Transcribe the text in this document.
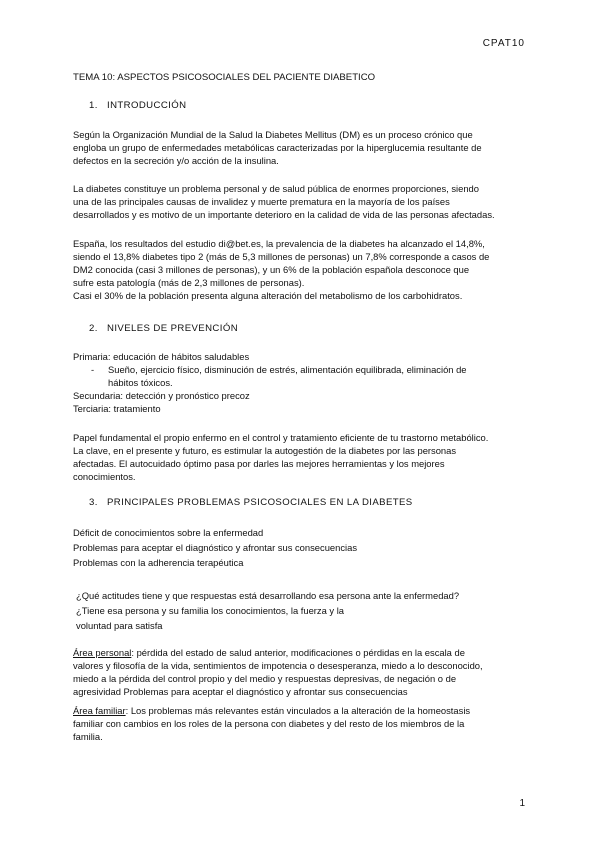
CPAT10
TEMA 10: ASPECTOS PSICOSOCIALES DEL PACIENTE DIABETICO
1. INTRODUCCIÓN
Según la Organización Mundial de la Salud la Diabetes Mellitus (DM) es un proceso crónico que
engloba un grupo de enfermedades metabólicas caracterizadas por la hiperglucemia resultante de
defectos en la secreción y/o acción de la insulina.
La diabetes constituye un problema personal y de salud pública de enormes proporciones, siendo
una de las principales causas de invalidez y muerte prematura en la mayoría de los países
desarrollados y es motivo de un importante deterioro en la calidad de vida de las personas afectadas.
España, los resultados del estudio di@bet.es, la prevalencia de la diabetes ha alcanzado el 14,8%,
siendo el 13,8% diabetes tipo 2 (más de 5,3 millones de personas) un 7,8% corresponde a casos de
DM2 conocida (casi 3 millones de personas), y un 6% de la población española desconoce que
sufre esta patología (más de 2,3 millones de personas).
Casi el 30% de la población presenta alguna alteración del metabolismo de los carbohidratos.
2. NIVELES DE PREVENCIÓN
Primaria: educación de hábitos saludables
- Sueño, ejercicio físico, disminución de estrés, alimentación equilibrada, eliminación de
hábitos tóxicos.
Secundaria: detección y pronóstico precoz
Terciaria: tratamiento
Papel fundamental el propio enfermo en el control y tratamiento eficiente de tu trastorno metabólico.
La clave, en el presente y futuro, es estimular la autogestión de la diabetes por las personas
afectadas. El autocuidado óptimo pasa por darles las mejores herramientas y los mejores
conocimientos.
3. PRINCIPALES PROBLEMAS PSICOSOCIALES EN LA DIABETES
Déficit de conocimientos sobre la enfermedad
Problemas para aceptar el diagnóstico y afrontar sus consecuencias
Problemas con la adherencia terapéutica
¿Qué actitudes tiene y que respuestas está desarrollando esa persona ante la enfermedad?
¿Tiene esa persona y su familia los conocimientos, la fuerza y la
voluntad para satisfa
Área personal: pérdida del estado de salud anterior, modificaciones o pérdidas en la escala de
valores y filosofía de la vida, sentimientos de impotencia o desesperanza, miedo a lo desconocido,
miedo a la pérdida del control propio y del medio y respuestas depresivas, de negación o de
agresividad Problemas para aceptar el diagnóstico y afrontar sus consecuencias
Área familiar: Los problemas más relevantes están vinculados a la alteración de la homeostasis
familiar con cambios en los roles de la persona con diabetes y del resto de los miembros de la
familia.
1
